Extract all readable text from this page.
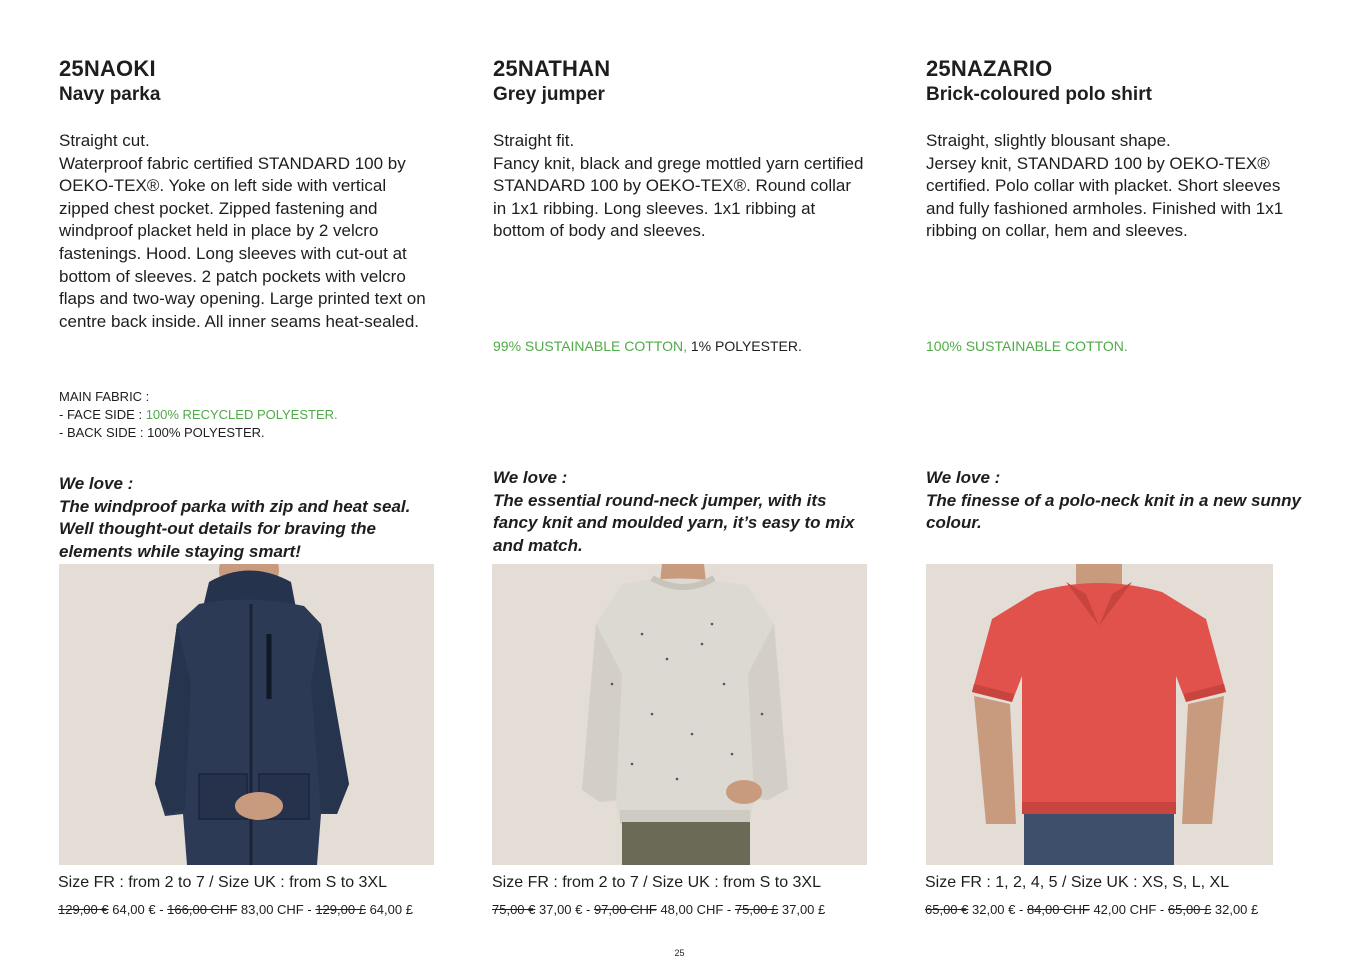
25NAOKI
Navy parka
Straight cut.
Waterproof fabric certified STANDARD 100 by OEKO-TEX®. Yoke on left side with vertical zipped chest pocket. Zipped fastening and windproof placket held in place by 2 velcro fastenings. Hood. Long sleeves with cut-out at bottom of sleeves. 2 patch pockets with velcro flaps and two-way opening. Large printed text on centre back inside. All inner seams heat-sealed.
MAIN FABRIC :
- FACE SIDE : 100% RECYCLED POLYESTER.
- BACK SIDE : 100% POLYESTER.
We love :
The windproof parka with zip and heat seal. Well thought-out details for braving the elements while staying smart!
Size FR : from 2 to 7 / Size UK : from S to 3XL
129,00 € 64,00 € - 166,00 CHF 83,00 CHF - 129,00 £ 64,00 £
25NATHAN
Grey jumper
Straight fit.
Fancy knit, black and grege mottled yarn certified STANDARD 100 by OEKO-TEX®. Round collar in 1x1 ribbing. Long sleeves. 1x1 ribbing at bottom of body and sleeves.
99% SUSTAINABLE COTTON, 1% POLYESTER.
We love :
The essential round-neck jumper, with its fancy knit and moulded yarn, it’s easy to mix and match.
Size FR : from 2 to 7 / Size UK : from S to 3XL
75,00 € 37,00 € - 97,00 CHF 48,00 CHF - 75,00 £ 37,00 £
25NAZARIO
Brick-coloured polo shirt
Straight, slightly blousant shape.
Jersey knit, STANDARD 100 by OEKO-TEX® certified. Polo collar with placket. Short sleeves and fully fashioned armholes. Finished with 1x1 ribbing on collar, hem and sleeves.
100% SUSTAINABLE COTTON.
We love :
The finesse of a polo-neck knit in a new sunny colour.
Size FR : 1, 2, 4, 5 / Size UK : XS, S, L, XL
65,00 € 32,00 € - 84,00 CHF 42,00 CHF - 65,00 £ 32,00 £
25
